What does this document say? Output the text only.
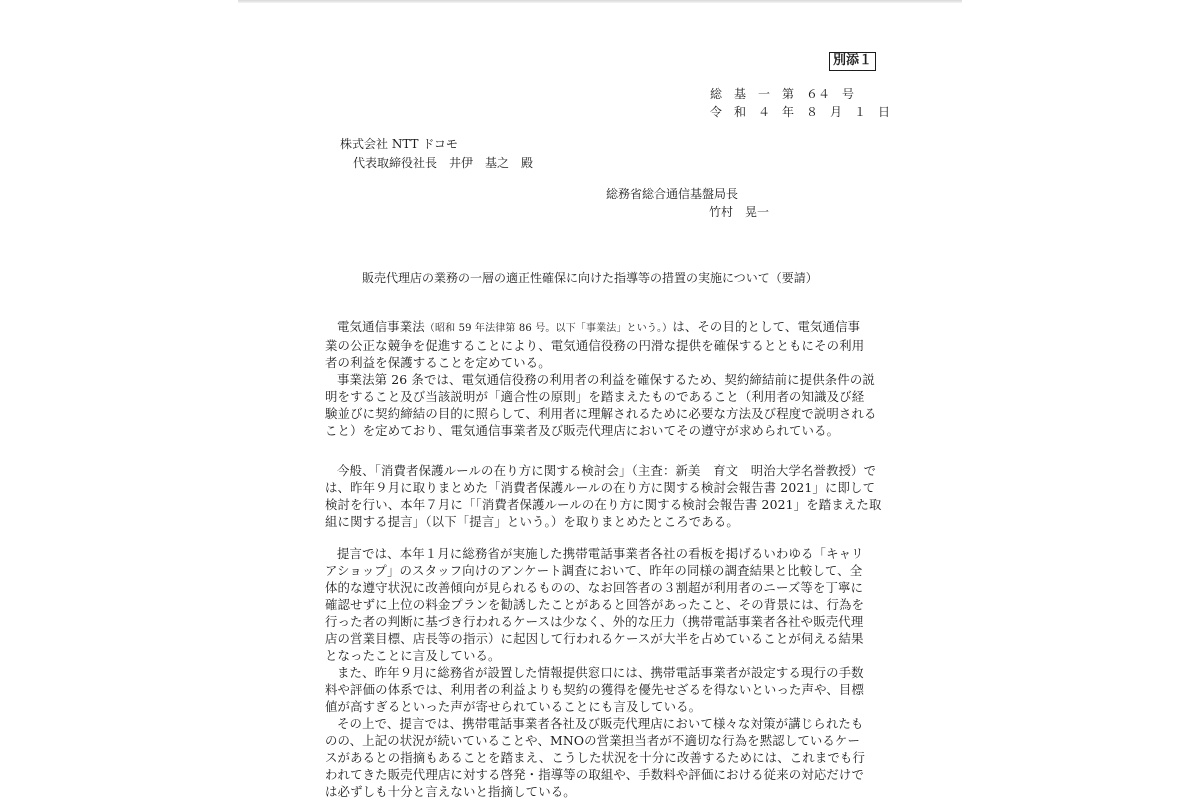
別添１
総　基　一　第　６４　号
令　和　４　年　８　月　１　日
株式会社 NTT ドコモ
代表取締役社長　井伊　基之　殿
総務省総合通信基盤局長
竹村　晃一
販売代理店の業務の一層の適正性確保に向けた指導等の措置の実施について（要請）
電気通信事業法（昭和 59 年法律第 86 号。以下「事業法」という。）は、その目的として、電気通信事
業の公正な競争を促進することにより、電気通信役務の円滑な提供を確保するとともにその利用
者の利益を保護することを定めている。
事業法第 26 条では、電気通信役務の利用者の利益を確保するため、契約締結前に提供条件の説
明をすること及び当該説明が「適合性の原則」を踏まえたものであること（利用者の知識及び経
験並びに契約締結の目的に照らして、利用者に理解されるために必要な方法及び程度で説明される
こと）を定めており、電気通信事業者及び販売代理店においてその遵守が求められている。
今般、「消費者保護ルールの在り方に関する検討会」（主査：新美　育文　明治大学名誉教授）で
は、昨年９月に取りまとめた「消費者保護ルールの在り方に関する検討会報告書 2021」に即して
検討を行い、本年７月に「「消費者保護ルールの在り方に関する検討会報告書 2021」を踏まえた取
組に関する提言」（以下「提言」という。）を取りまとめたところである。
提言では、本年１月に総務省が実施した携帯電話事業者各社の看板を掲げるいわゆる「キャリ
アショップ」のスタッフ向けのアンケート調査において、昨年の同様の調査結果と比較して、全
体的な遵守状況に改善傾向が見られるものの、なお回答者の３割超が利用者のニーズ等を丁寧に
確認せずに上位の料金プランを勧誘したことがあると回答があったこと、その背景には、行為を
行った者の判断に基づき行われるケースは少なく、外的な圧力（携帯電話事業者各社や販売代理
店の営業目標、店長等の指示）に起因して行われるケースが大半を占めていることが伺える結果
となったことに言及している。
また、昨年９月に総務省が設置した情報提供窓口には、携帯電話事業者が設定する現行の手数
料や評価の体系では、利用者の利益よりも契約の獲得を優先せざるを得ないといった声や、目標
値が高すぎるといった声が寄せられていることにも言及している。
その上で、提言では、携帯電話事業者各社及び販売代理店において様々な対策が講じられたも
のの、上記の状況が続いていることや、MNOの営業担当者が不適切な行為を黙認しているケー
スがあるとの指摘もあることを踏まえ、こうした状況を十分に改善するためには、これまでも行
われてきた販売代理店に対する啓発・指導等の取組や、手数料や評価における従来の対応だけで
は必ずしも十分と言えないと指摘している。
